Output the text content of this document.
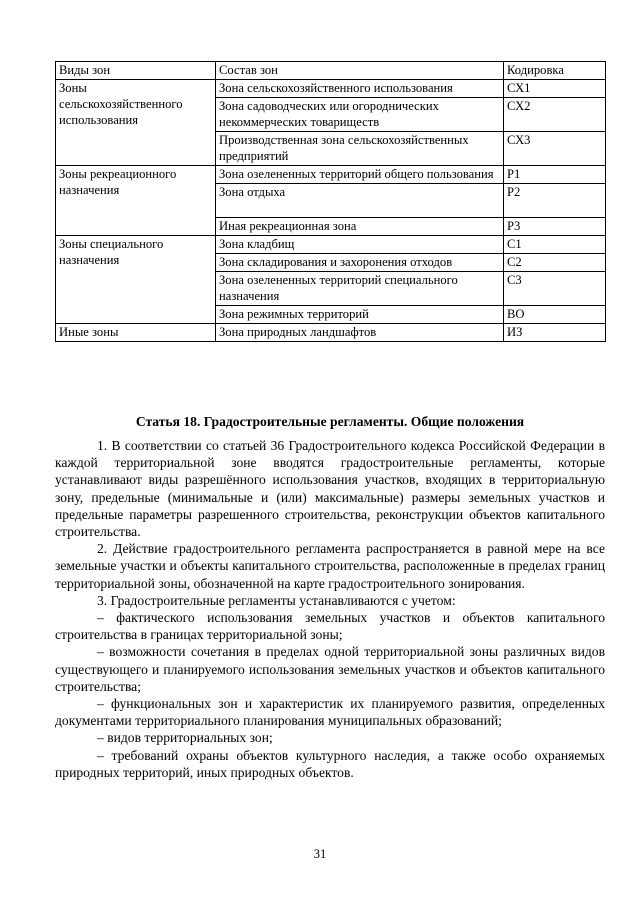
Виды зон	Состав зон	Кодировка
Зоны сельскохозяйственного использования	Зона сельскохозяйственного использования	СХ1
	Зона садоводческих или огороднических некоммерческих товариществ	СХ2
	Производственная зона сельскохозяйственных предприятий	СХ3
Зоны рекреационного назначения	Зона озелененных территорий общего пользования	Р1
	Зона отдыха	Р2
	Иная рекреационная зона	Р3
Зоны специального назначения	Зона кладбищ	С1
	Зона складирования и захоронения отходов	С2
	Зона озелененных территорий специального назначения	С3
	Зона режимных территорий	ВО
Иные зоны	Зона природных ландшафтов	ИЗ
Статья 18. Градостроительные регламенты. Общие положения

1. В соответствии со статьей 36 Градостроительного кодекса Российской Федерации в каждой территориальной зоне вводятся градостроительные регламенты, которые устанавливают виды разрешённого использования участков, входящих в территориальную зону, предельные (минимальные и (или) максимальные) размеры земельных участков и предельные параметры разрешенного строительства, реконструкции объектов капитального строительства.

2. Действие градостроительного регламента распространяется в равной мере на все земельные участки и объекты капитального строительства, расположенные в пределах границ территориальной зоны, обозначенной на карте градостроительного зонирования.

3. Градостроительные регламенты устанавливаются с учетом:

– фактического использования земельных участков и объектов капитального строительства в границах территориальной зоны;

– возможности сочетания в пределах одной территориальной зоны различных видов существующего и планируемого использования земельных участков и объектов капитального строительства;

– функциональных зон и характеристик их планируемого развития, определенных документами территориального планирования муниципальных образований;

– видов территориальных зон;

– требований охраны объектов культурного наследия, а также особо охраняемых природных территорий, иных природных объектов.

31
